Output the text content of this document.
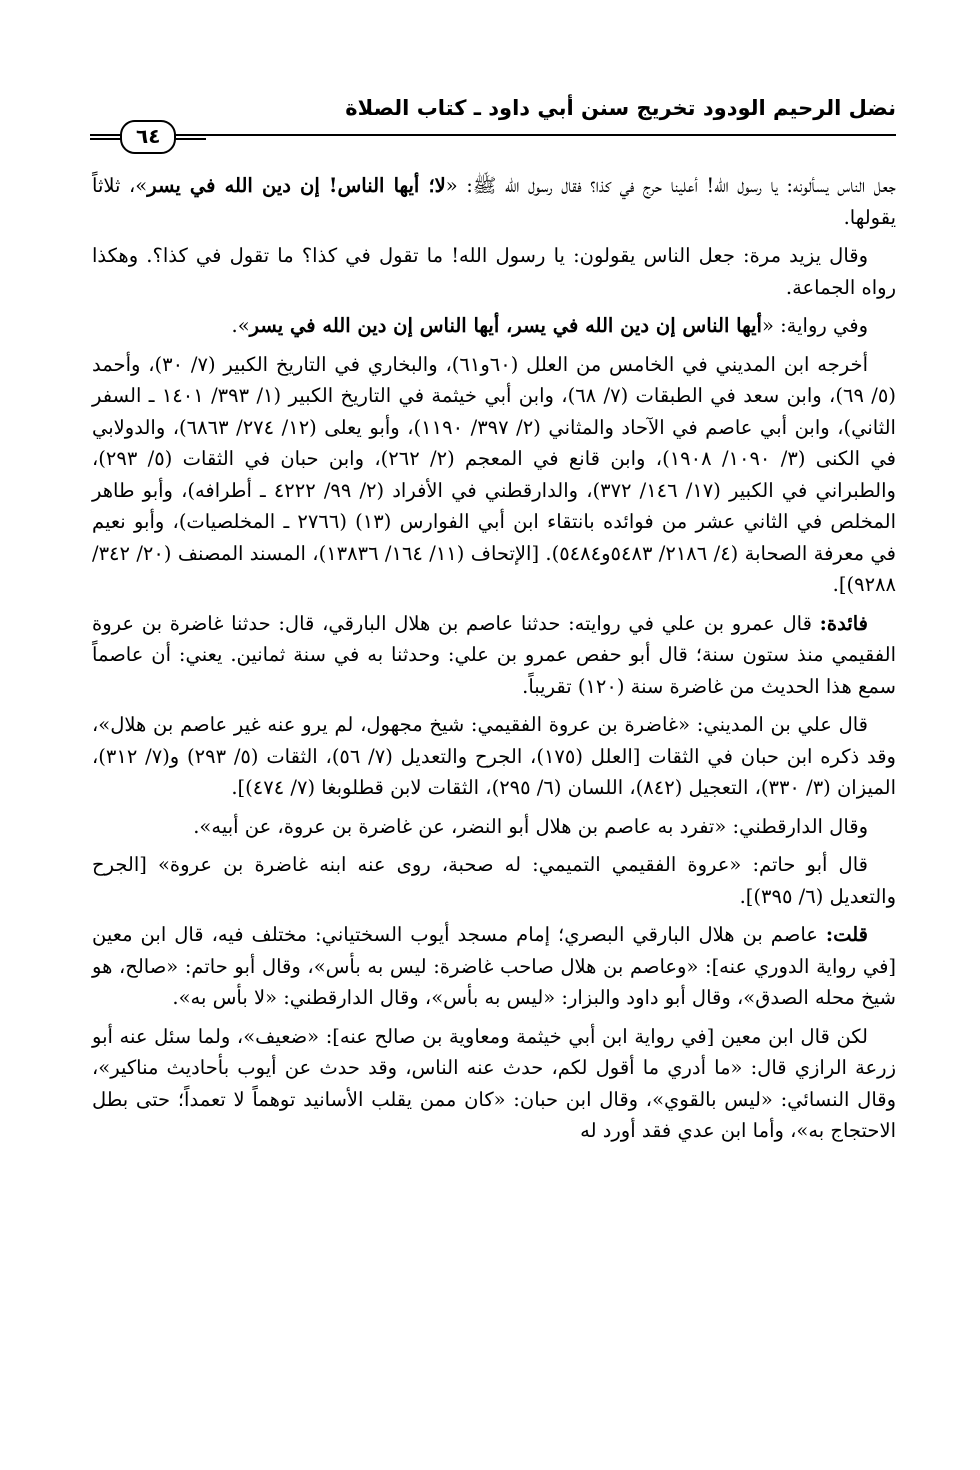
نضل الرحيم الودود تخريج سنن أبي داود ـ كتاب الصلاة
٦٤

جعل الناس يسألونه: يا رسول الله! أعلينا حرج في كذا؟ فقال رسول الله ﷺ: «لا؛ أيها الناس! إن دين الله في يسر»، ثلاثاً يقولها.

وقال يزيد مرة: جعل الناس يقولون: يا رسول الله! ما تقول في كذا؟ ما تقول في كذا؟. وهكذا رواه الجماعة.

وفي رواية: «أيها الناس إن دين الله في يسر، أيها الناس إن دين الله في يسر».

أخرجه ابن المديني في الخامس من العلل (٦٠و٦١)، والبخاري في التاريخ الكبير (٧/ ٣٠)، وأحمد (٥/ ٦٩)، وابن سعد في الطبقات (٧/ ٦٨)، وابن أبي خيثمة في التاريخ الكبير (١/ ٣٩٣/ ١٤٠١ ـ السفر الثاني)، وابن أبي عاصم في الآحاد والمثاني (٢/ ٣٩٧/ ١١٩٠)، وأبو يعلى (١٢/ ٢٧٤/ ٦٨٦٣)، والدولابي في الكنى (٣/ ١٠٩٠/ ١٩٠٨)، وابن قانع في المعجم (٢/ ٢٦٢)، وابن حبان في الثقات (٥/ ٢٩٣)، والطبراني في الكبير (١٧/ ١٤٦/ ٣٧٢)، والدارقطني في الأفراد (٢/ ٩٩/ ٤٢٢٢ ـ أطرافه)، وأبو طاهر المخلص في الثاني عشر من فوائده بانتقاء ابن أبي الفوارس (١٣) (٢٧٦٦ ـ المخلصيات)، وأبو نعيم في معرفة الصحابة (٤/ ٢١٨٦/ ٥٤٨٣و٥٤٨٤). [الإتحاف (١١/ ١٦٤/ ١٣٨٣٦)، المسند المصنف (٢٠/ ٣٤٢/ ٩٢٨٨)].

فائدة: قال عمرو بن علي في روايته: حدثنا عاصم بن هلال البارقي، قال: حدثنا غاضرة بن عروة الفقيمي منذ ستون سنة؛ قال أبو حفص عمرو بن علي: وحدثنا به في سنة ثمانين. يعني: أن عاصماً سمع هذا الحديث من غاضرة سنة (١٢٠) تقريباً.

قال علي بن المديني: «غاضرة بن عروة الفقيمي: شيخ مجهول، لم يرو عنه غير عاصم بن هلال»، وقد ذكره ابن حبان في الثقات [العلل (١٧٥)، الجرح والتعديل (٧/ ٥٦)، الثقات (٥/ ٢٩٣) و(٧/ ٣١٢)، الميزان (٣/ ٣٣٠)، التعجيل (٨٤٢)، اللسان (٦/ ٢٩٥)، الثقات لابن قطلوبغا (٧/ ٤٧٤)].

وقال الدارقطني: «تفرد به عاصم بن هلال أبو النضر، عن غاضرة بن عروة، عن أبيه».

قال أبو حاتم: «عروة الفقيمي التميمي: له صحبة، روى عنه ابنه غاضرة بن عروة» [الجرح والتعديل (٦/ ٣٩٥)].

قلت: عاصم بن هلال البارقي البصري؛ إمام مسجد أيوب السختياني: مختلف فيه، قال ابن معين [في رواية الدوري عنه]: «وعاصم بن هلال صاحب غاضرة: ليس به بأس»، وقال أبو حاتم: «صالح، هو شيخ محله الصدق»، وقال أبو داود والبزار: «ليس به بأس»، وقال الدارقطني: «لا بأس به».

لكن قال ابن معين [في رواية ابن أبي خيثمة ومعاوية بن صالح عنه]: «ضعيف»، ولما سئل عنه أبو زرعة الرازي قال: «ما أدري ما أقول لكم، حدث عنه الناس، وقد حدث عن أيوب بأحاديث مناكير»، وقال النسائي: «ليس بالقوي»، وقال ابن حبان: «كان ممن يقلب الأسانيد توهماً لا تعمداً؛ حتى بطل الاحتجاج به»، وأما ابن عدي فقد أورد له
